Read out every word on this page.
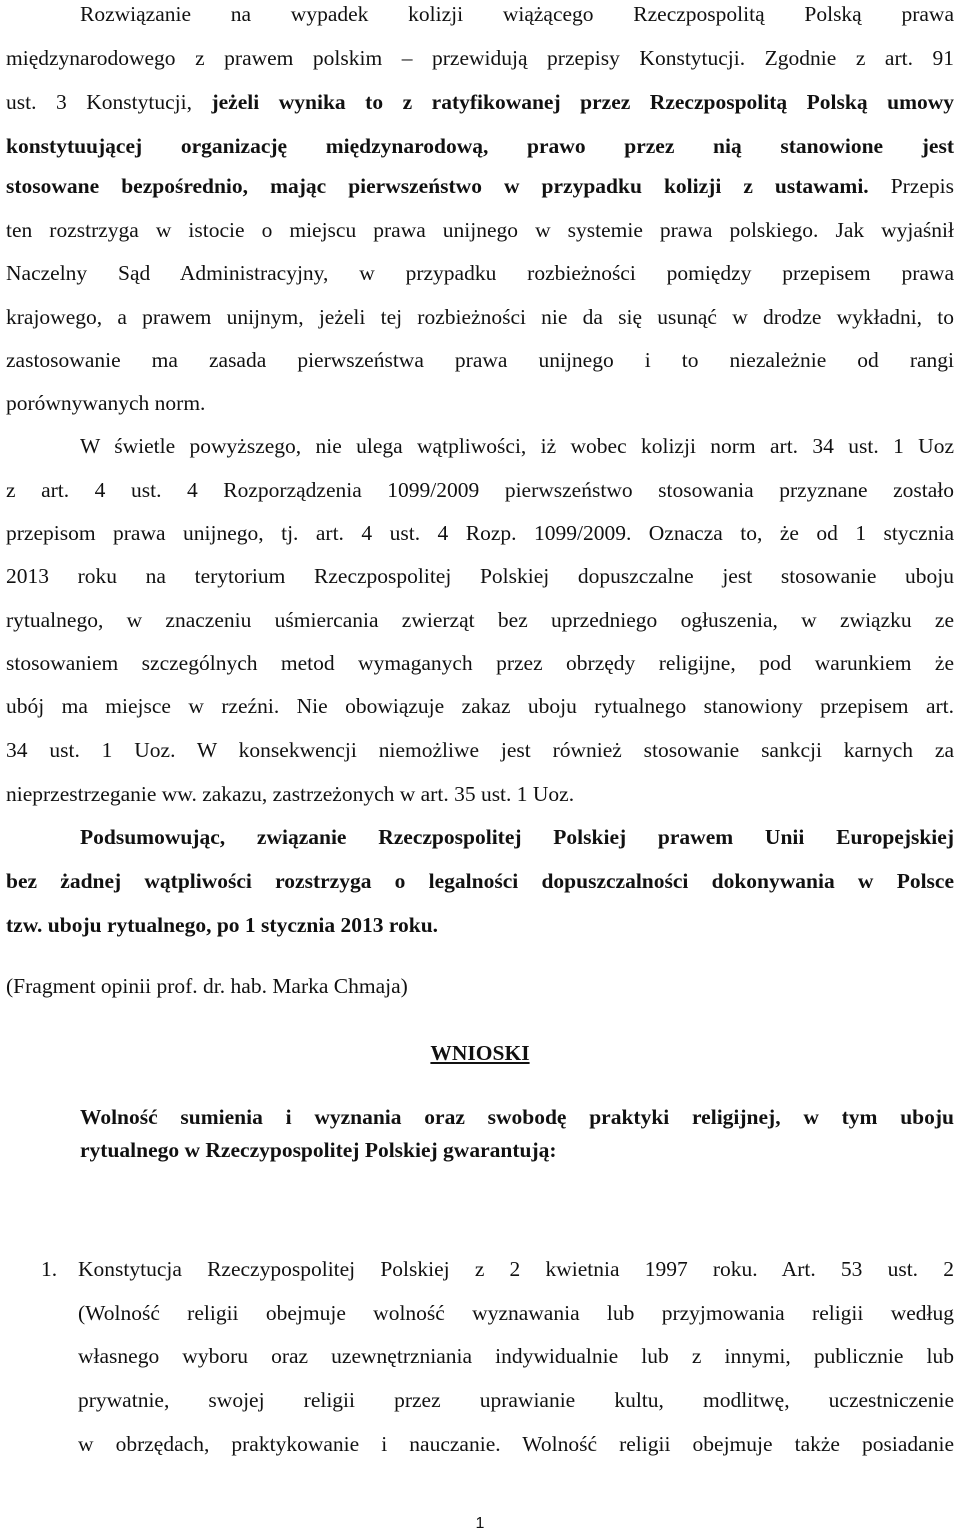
Rozwiązanie na wypadek kolizji wiążącego Rzeczpospolitą Polską prawa
międzynarodowego z prawem polskim – przewidują przepisy Konstytucji. Zgodnie z art. 91
ust. 3 Konstytucji, jeżeli wynika to z ratyfikowanej przez Rzeczpospolitą Polską umowy
konstytuującej organizację międzynarodową, prawo przez nią stanowione jest
stosowane bezpośrednio, mając pierwszeństwo w przypadku kolizji z ustawami. Przepis
ten rozstrzyga w istocie o miejscu prawa unijnego w systemie prawa polskiego. Jak wyjaśnił
Naczelny Sąd Administracyjny, w przypadku rozbieżności pomiędzy przepisem prawa
krajowego, a prawem unijnym, jeżeli tej rozbieżności nie da się usunąć w drodze wykładni, to
zastosowanie ma zasada pierwszeństwa prawa unijnego i to niezależnie od rangi
porównywanych norm.
W świetle powyższego, nie ulega wątpliwości, iż wobec kolizji norm art. 34 ust. 1 Uoz
z art. 4 ust. 4 Rozporządzenia 1099/2009 pierwszeństwo stosowania przyznane zostało
przepisom prawa unijnego, tj. art. 4 ust. 4 Rozp. 1099/2009. Oznacza to, że od 1 stycznia
2013 roku na terytorium Rzeczpospolitej Polskiej dopuszczalne jest stosowanie uboju
rytualnego, w znaczeniu uśmiercania zwierząt bez uprzedniego ogłuszenia, w związku ze
stosowaniem szczególnych metod wymaganych przez obrzędy religijne, pod warunkiem że
ubój ma miejsce w rzeźni. Nie obowiązuje zakaz uboju rytualnego stanowiony przepisem art.
34 ust. 1 Uoz. W konsekwencji niemożliwe jest również stosowanie sankcji karnych za
nieprzestrzeganie ww. zakazu, zastrzeżonych w art. 35 ust. 1 Uoz.
Podsumowując, związanie Rzeczpospolitej Polskiej prawem Unii Europejskiej
bez żadnej wątpliwości rozstrzyga o legalności dopuszczalności dokonywania w Polsce
tzw. uboju rytualnego, po 1 stycznia 2013 roku.
(Fragment opinii prof. dr. hab. Marka Chmaja)
WNIOSKI
Wolność sumienia i wyznania oraz swobodę praktyki religijnej, w tym uboju
rytualnego w Rzeczypospolitej Polskiej gwarantują:
1. Konstytucja Rzeczypospolitej Polskiej z 2 kwietnia 1997 roku. Art. 53 ust. 2
(Wolność religii obejmuje wolność wyznawania lub przyjmowania religii według
własnego wyboru oraz uzewnętrzniania indywidualnie lub z innymi, publicznie lub
prywatnie, swojej religii przez uprawianie kultu, modlitwę, uczestniczenie
w obrzędach, praktykowanie i nauczanie. Wolność religii obejmuje także posiadanie
1
